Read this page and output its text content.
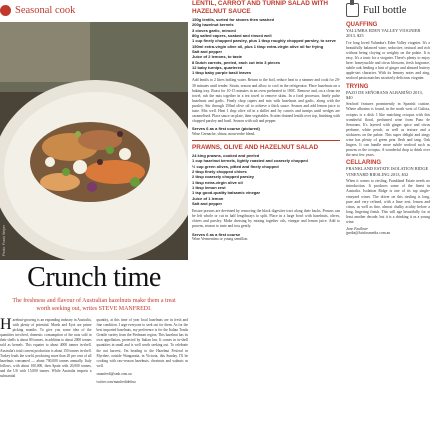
Seasonal cook
Photo: Frank Weyer
Crunch time
The freshness and flavour of Australian hazelnuts make them a treat worth seeking out, writes STEVE MANFREDI.
H azelnut-growing is an expanding industry in Australia, with plenty of potential. Marsh and Eyot are prime picking months. To give you some idea of the quantities involved, domestic consumption of the nuts sold in their shells is about 80 tonnes, in addition to about 2000 tonnes sold as kernels. This equates to about 4000 tonnes in-shell. Australia's total current production is about 150 tonnes in-shell. Turkey leads the world, producing more than 20 per cent of all hazelnuts consumed — about 700,000 tonnes annually. Italy follows, with about 100,000, then Spain with 20,000 tonnes, and the US with 15,000 tonnes. While Australia imports a substantial
quantity, at this time of year local hazelnuts are in fresh and fine condition. I urge everyone to seek out for them. As for the best imported hazelnuts, my preference is for the Italian Tonda Gentile variety from the Piedmont region. This hazelnut has its own appellation, protected by Italian law. It comes in in-shell quantities in small and is well worth seeking out. To celebrate the nut harvest, I'm heading to the Hazelnut Festival in Myrrhee, outside Wangaratta, in Victoria, this Sunday. I'll be cooking with raw-season hazelnuts, chestnuts and walnuts as well.
smanfredi@smh.com.au
twitter.com/manfredidefino
LENTIL, CARROT AND TURNIP SALAD WITH HAZELNUT SAUCE
150g lentils, sorted for stones then washed
200g hazelnut kernels
3 cloves garlic, minced
80g salted capers, soaked and rinsed well
1 cup finely chopped parsley, plus 1 tbsp roughly chopped parsley, to serve
150ml extra-virgin olive oil, plus 1 tbsp extra-virgin olive oil for frying
Salt and pepper
Juice of 2 lemons, to taste
8 Dutch carrots, peeled, each cut into 3 pieces
12 baby turnips, quartered
1 tbsp baby purple basil leaves
Add lentils to 2 litres boiling water. Return to the boil, reduce heat to a simmer and cook for 20-30 minutes until tender. Strain, season and allow to cool in the refrigerator. Place hazelnuts on a baking tray. Roast for 10-15 minutes in an oven preheated to 180C. Remove and, on a clean tea towel, rub the nuts together in a tea towel to remove skins. In a food processor, finely pulse hazelnuts and garlic. Finely chop capers and mix with hazelnuts and garlic, along with the parsley. Stir through 150ml olive oil to achieve a thick sauce. Season and add lemon juice to taste. Mix well. Heat 1 tbsp olive oil in a skillet and fry carrots and turnips until wedges are caramelised. Place sauce on plate, then vegetables. Scatter drained lentils over top, finishing with chopped parsley and basil. Season with salt and pepper.
Serves 6 as a first course (pictured)
Wine Grenache, shiraz, mourvedre blend.
PRAWNS, OLIVE AND HAZELNUT SALAD
24 king prawns, cooked and peeled
1 cup hazelnut kernels, lightly roasted and coarsely chopped
½ cup green olives, pitted and finely chopped
2 tbsp finely chopped chives
2 tbsp coarsely chopped parsley
1 tbsp extra-virgin olive oil
1 tbsp lemon zest
1 tsp good-quality balsamic vinegar
Juice of 1 lemon
Salt and pepper
Ensure prawns are deveined by removing the black digestive tract along their backs. Prawns can be left whole or cut in half lengthways to split. Place in a large bowl with hazelnuts, olives, chives and parsley. Make dressing by mixing together oils, vinegar and lemon juice. Add to prawns, season to taste and toss gently.
Serves 6 as a first course
Wine Vermentino or young semillon.
Full bottle
QUAFFING
YALUMBA EDEN VALLEY VIOGNIER 2013, $25
I've long loved Yalumba's Eden Valley viognier. It's a beautifully balanced wine, seductive, textural and rich without being cloying or weighty on the palate. It is easy. It's a tonic for a viognier. There's plenty to enjoy here: honeysuckle and citrus blossom, fresh fragrance, subtle oak lending a hint of ginger and almond buttery apple-tart character. With its lemony notes and zing, seafood pasta matches an utterly delicious viognier.
TRYING
PAZO DE SEÑORANS ALBARIÑO 2013, $40
Seafood features prominently in Spanish cuisine. Where albarino is found, in the north west of Galicia, octopus is a dish. I like matching octopus with this wonderful floral, perfumed wine from Pazo de Senorans. It's layered with ginger spice and citrus perfume, white peach, as well as texture and a stickiness on the palate. This super delight and zingy wine has plenty of green pear flesh and tang. Oak lingers. It can handle more subtle seafood such as prawns or the octopus. A wonderful drop to drink over the next few years.
CELLARING
FRANKLAND ESTATE ISOLATION RIDGE VINEYARD RIESLING 2013, $32
When it comes to riesling, Frankland Estate needs no introduction. It produces some of the finest in Australia. Isolation Ridge is one of its top single-vineyard wines. The driver on this riesling is long, pure and very refined, with a lime zest, lemon and citrus, as well as fine, almost chalky acidity before a long, lingering finish. This will age beautifully for at least another decade, but it is a drinking it as a young wine.
Jane Faulkner
jpedia@fairfaxmedia.com.au
